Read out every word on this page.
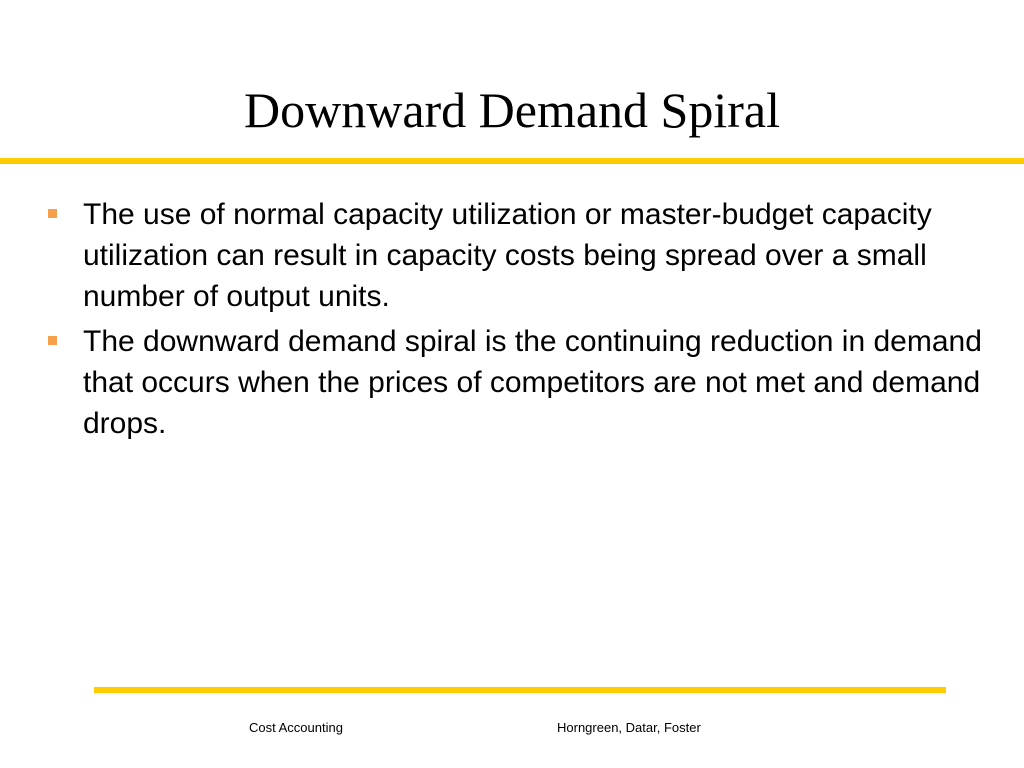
Downward Demand Spiral
The use of normal capacity utilization or master-budget capacity utilization can result in capacity costs being spread over a small number of output units.
The downward demand spiral is the continuing reduction in demand that occurs when the prices of competitors are not met and demand drops.
Cost Accounting	Horngreen, Datar, Foster
